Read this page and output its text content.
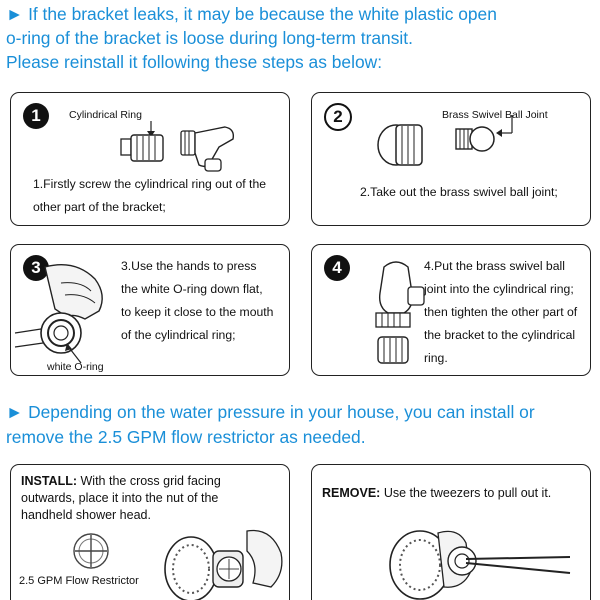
► If the bracket leaks, it may be because the white plastic open
o-ring of the bracket is loose during long-term transit.
Please reinstall it following these steps as below:
1	Cylindrical Ring
1.Firstly screw the cylindrical ring out of the
other part of the bracket;
2	Brass Swivel Ball Joint
2.Take out the brass swivel ball joint;
3
white O-ring
3.Use the hands to press
the white O-ring down flat,
to keep it close to the mouth
of the cylindrical ring;
4	4.Put the brass swivel ball
joint into the cylindrical ring;
then tighten the other part of
the bracket to the cylindrical
ring.
► Depending on the water pressure in your house, you can install or
remove the 2.5 GPM flow restrictor as needed.
INSTALL: With the cross grid facing
outwards, place it into the nut of the
handheld shower head.
2.5 GPM Flow Restrictor
REMOVE: Use the tweezers to pull out it.
